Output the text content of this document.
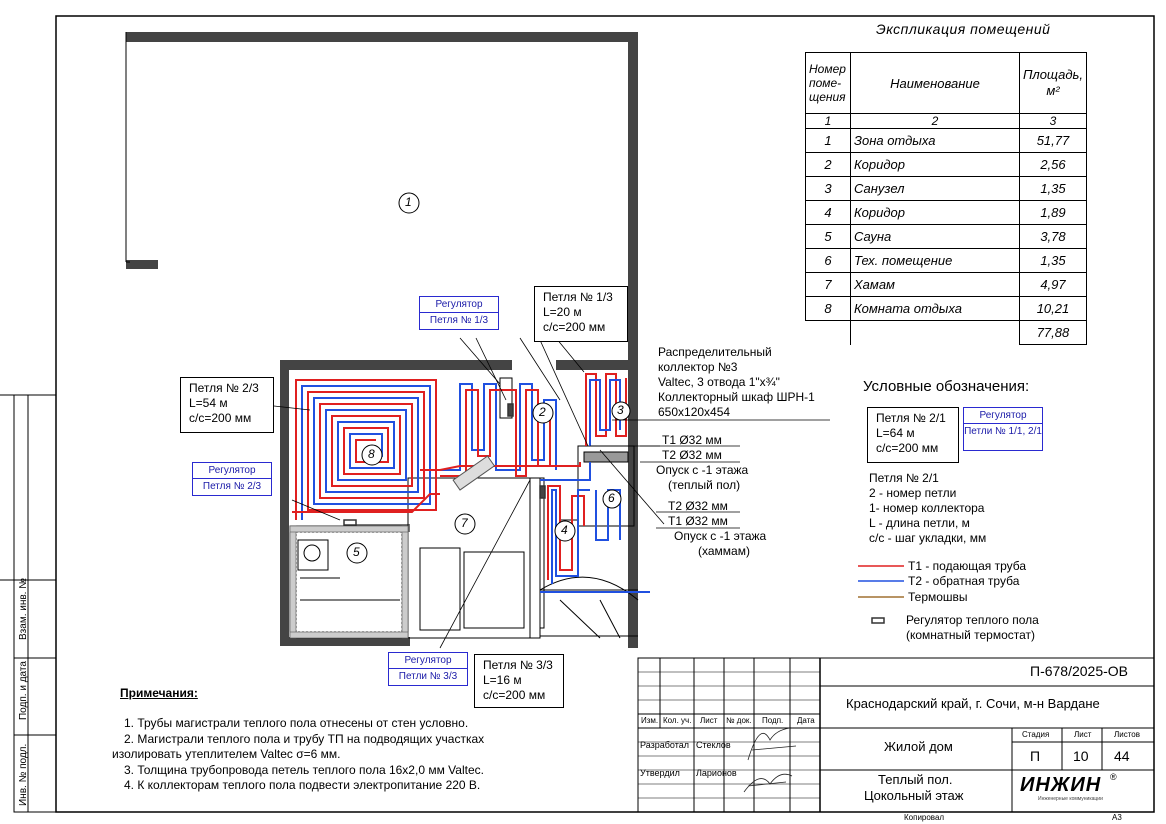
1
2	3
4
5
6
7
8
Петля № 1/3
L=20 м
с/с=200 мм
Петля № 2/3
L=54 м
с/с=200 мм
Петля № 3/3
L=16 м
с/с=200 мм
Регулятор
Петля № 1/3
Регулятор
Петля № 2/3
Регулятор
Петли № 3/3
Распределительный
коллектор №3
Valtec, 3 отвода 1"х¾"
Коллекторный шкаф ШРН-1
650х120х454
Т1 Ø32 мм
Т2 Ø32 мм
Опуск с -1 этажа
(теплый пол)
Т2 Ø32 мм
Т1 Ø32 мм
Опуск с -1 этажа
(хаммам)
Экспликация помещений
Номер поме- щения	Наименование	Площадь, м²
1	2	3
1	Зона отдыха	51,77
2	Коридор	2,56
3	Санузел	1,35
4	Коридор	1,89
5	Сауна	3,78
6	Тех. помещение	1,35
7	Хамам	4,97
8	Комната отдыха	10,21
		77,88
Условные обозначения:
Петля № 2/1
L=64 м
с/с=200 мм
Регулятор
Петли № 1/1, 2/1
Петля № 2/1
2 - номер петли
1- номер коллектора
L - длина петли, м
с/с - шаг укладки, мм
Т1 - подающая труба
Т2 - обратная труба
Термошвы
Регулятор теплого пола
(комнатный термостат)
Примечания:
1. Трубы магистрали теплого пола отнесены от стен условно.
2. Магистрали теплого пола и трубу ТП на подводящих участках
изолировать утеплителем Valtec σ=6 мм.
3. Толщина трубопровода петель теплого пола 16х2,0 мм Valtec.
4. К коллекторам теплого пола подвести электропитание 220 В.
Взам. инв. №
Подп. и дата
Инв. № подл.
П-678/2025-ОВ
Краснодарский край, г. Сочи, м-н Вардане
Жилой дом
Теплый пол.
Цокольный этаж
Изм. Кол. уч. Лист № док. Подп. Дата
Разработал Стеклов
Утвердил Ларионов
Стадия	Лист	Листов
П 10 44
ИНЖИН ®
Инженерные коммуникации
Копировал	А3
